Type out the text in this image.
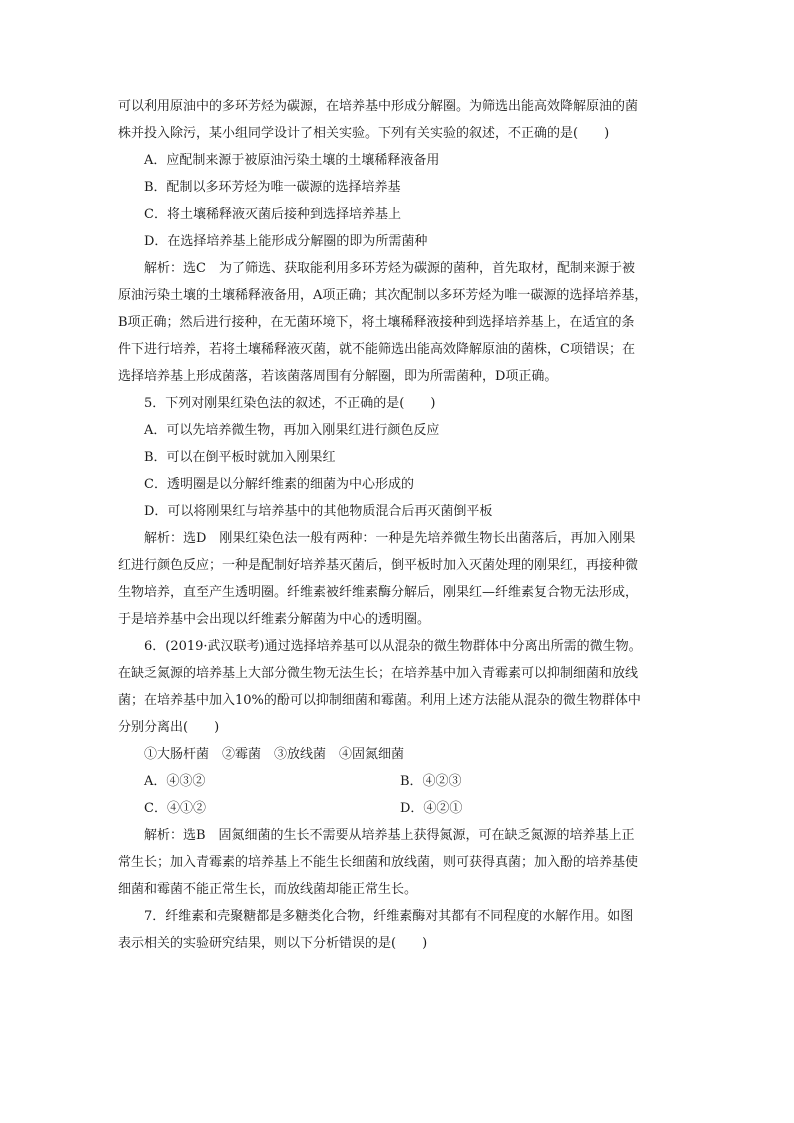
可以利用原油中的多环芳烃为碳源，在培养基中形成分解圈。为筛选出能高效降解原油的菌
株并投入除污，某小组同学设计了相关实验。下列有关实验的叙述，不正确的是(　　)
A．应配制来源于被原油污染土壤的土壤稀释液备用
B．配制以多环芳烃为唯一碳源的选择培养基
C．将土壤稀释液灭菌后接种到选择培养基上
D．在选择培养基上能形成分解圈的即为所需菌种
解析：选C　为了筛选、获取能利用多环芳烃为碳源的菌种，首先取材，配制来源于被
原油污染土壤的土壤稀释液备用，A项正确；其次配制以多环芳烃为唯一碳源的选择培养基，
B项正确；然后进行接种，在无菌环境下，将土壤稀释液接种到选择培养基上，在适宜的条
件下进行培养，若将土壤稀释液灭菌，就不能筛选出能高效降解原油的菌株，C项错误；在
选择培养基上形成菌落，若该菌落周围有分解圈，即为所需菌种，D项正确。
5．下列对刚果红染色法的叙述，不正确的是(　　)
A．可以先培养微生物，再加入刚果红进行颜色反应
B．可以在倒平板时就加入刚果红
C．透明圈是以分解纤维素的细菌为中心形成的
D．可以将刚果红与培养基中的其他物质混合后再灭菌倒平板
解析：选D　刚果红染色法一般有两种：一种是先培养微生物长出菌落后，再加入刚果
红进行颜色反应；一种是配制好培养基灭菌后，倒平板时加入灭菌处理的刚果红，再接种微
生物培养，直至产生透明圈。纤维素被纤维素酶分解后，刚果红—纤维素复合物无法形成，
于是培养基中会出现以纤维素分解菌为中心的透明圈。
6．(2019·武汉联考)通过选择培养基可以从混杂的微生物群体中分离出所需的微生物。
在缺乏氮源的培养基上大部分微生物无法生长；在培养基中加入青霉素可以抑制细菌和放线
菌；在培养基中加入10%的酚可以抑制细菌和霉菌。利用上述方法能从混杂的微生物群体中
分别分离出(　　)
①大肠杆菌　②霉菌　③放线菌　④固氮细菌
A．④③②	B．④②③
C．④①②	D．④②①
解析：选B　固氮细菌的生长不需要从培养基上获得氮源，可在缺乏氮源的培养基上正
常生长；加入青霉素的培养基上不能生长细菌和放线菌，则可获得真菌；加入酚的培养基使
细菌和霉菌不能正常生长，而放线菌却能正常生长。
7．纤维素和壳聚糖都是多糖类化合物，纤维素酶对其都有不同程度的水解作用。如图
表示相关的实验研究结果，则以下分析错误的是(　　)
